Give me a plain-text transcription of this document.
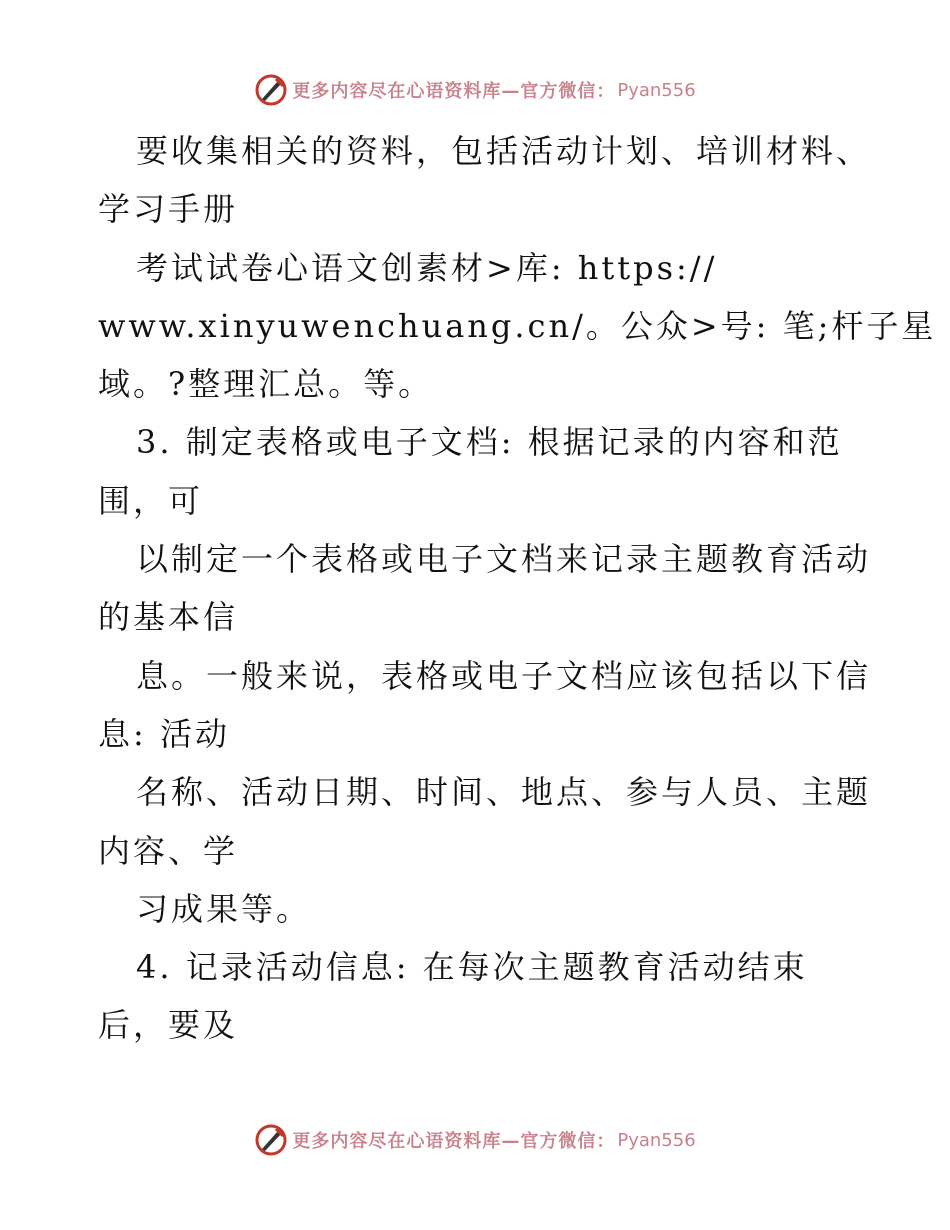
更多内容尽在心语资料库—官方微信： Pyan556
要收集相关的资料，包括活动计划、培训材料、
学习手册
考试试卷心语文创素材>库: https://
www.xinyuwenchuang.cn/。公众>号: 笔;杆子星
域。?整理汇总。等。
3. 制定表格或电子文档: 根据记录的内容和范
围，可
以制定一个表格或电子文档来记录主题教育活动
的基本信
息。一般来说，表格或电子文档应该包括以下信
息: 活动
名称、活动日期、时间、地点、参与人员、主题
内容、学
习成果等。
4. 记录活动信息: 在每次主题教育活动结束
后，要及
更多内容尽在心语资料库—官方微信： Pyan556
